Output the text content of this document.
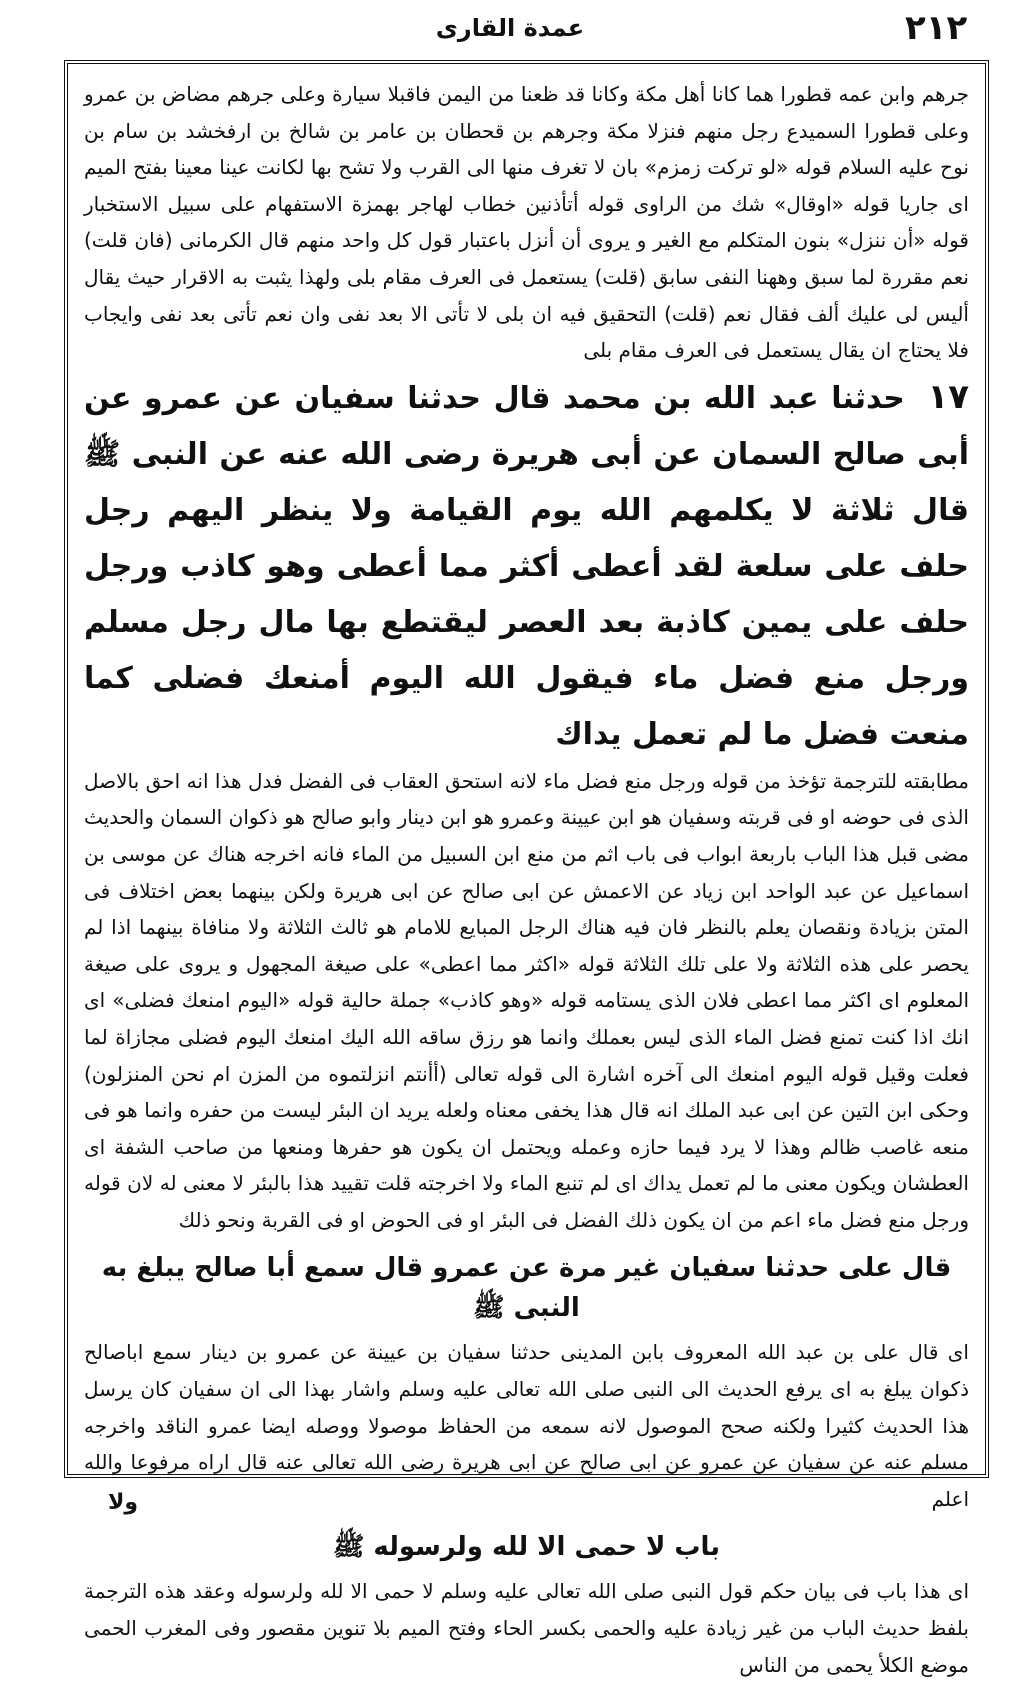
٢١٢
عمدة القاری

جرهم وابن عمه قطورا هما كانا أهل مكة وكانا قد ظعنا من اليمن فاقبلا سيارة وعلى جرهم مضاض بن عمرو وعلى قطورا السميدع رجل منهم فنزلا مكة وجرهم بن قحطان بن عامر بن شالخ بن ارفخشد بن سام بن نوح عليه السلام قوله «لو تركت زمزم» بان لا تغرف منها الى القرب ولا تشح بها لكانت عينا معينا بفتح الميم اى جاريا قوله «اوقال» شك من الراوى قوله أتأذنين خطاب لهاجر بهمزة الاستفهام على سبيل الاستخبار قوله «أن ننزل» بنون المتكلم مع الغير و يروى أن أنزل باعتبار قول كل واحد منهم قال الكرمانى (فان قلت) نعم مقررة لما سبق وههنا النفى سابق (قلت) يستعمل فى العرف مقام بلى ولهذا يثبت به الاقرار حيث يقال أليس لى عليك ألف فقال نعم (قلت) التحقيق فيه ان بلى لا تأتى الا بعد نفى وان نعم تأتى بعد نفى وايجاب فلا يحتاج ان يقال يستعمل فى العرف مقام بلى

١٧ حدثنا عبد الله بن محمد قال حدثنا سفيان عن عمرو عن أبى صالح السمان عن أبى هريرة رضى الله عنه عن النبى ﷺ قال ثلاثة لا يكلمهم الله يوم القيامة ولا ينظر اليهم رجل حلف على سلعة لقد أعطى أكثر مما أعطى وهو كاذب ورجل حلف على يمين كاذبة بعد العصر ليقتطع بها مال رجل مسلم ورجل منع فضل ماء فيقول الله اليوم أمنعك فضلى كما منعت فضل ما لم تعمل يداك

مطابقته للترجمة تؤخذ من قوله ورجل منع فضل ماء لانه استحق العقاب فى الفضل فدل هذا انه احق بالاصل الذى فى حوضه او فى قربته وسفيان هو ابن عيينة وعمرو هو ابن دينار وابو صالح هو ذكوان السمان والحديث مضى قبل هذا الباب باربعة ابواب فى باب اثم من منع ابن السبيل من الماء فانه اخرجه هناك عن موسى بن اسماعيل عن عبد الواحد ابن زياد عن الاعمش عن ابى صالح عن ابى هريرة ولكن بينهما بعض اختلاف فى المتن بزيادة ونقصان يعلم بالنظر فان فيه هناك الرجل المبايع للامام هو ثالث الثلاثة ولا منافاة بينهما اذا لم يحصر على هذه الثلاثة ولا على تلك الثلاثة قوله «اكثر مما اعطى» على صيغة المجهول و يروى على صيغة المعلوم اى اكثر مما اعطى فلان الذى يستامه قوله «وهو كاذب» جملة حالية قوله «اليوم امنعك فضلى» اى انك اذا كنت تمنع فضل الماء الذى ليس بعملك وانما هو رزق ساقه الله اليك امنعك اليوم فضلى مجازاة لما فعلت وقيل قوله اليوم امنعك الى آخره اشارة الى قوله تعالى (أأنتم انزلتموه من المزن ام نحن المنزلون) وحكى ابن التين عن ابى عبد الملك انه قال هذا يخفى معناه ولعله يريد ان البئر ليست من حفره وانما هو فى منعه غاصب ظالم وهذا لا يرد فيما حازه وعمله ويحتمل ان يكون هو حفرها ومنعها من صاحب الشفة اى العطشان ويكون معنى ما لم تعمل يداك اى لم تنبع الماء ولا اخرجته قلت تقييد هذا بالبئر لا معنى له لان قوله ورجل منع فضل ماء اعم من ان يكون ذلك الفضل فى البئر او فى الحوض او فى القربة ونحو ذلك

قال على حدثنا سفيان غير مرة عن عمرو قال سمع أبا صالح يبلغ به النبى ﷺ

اى قال على بن عبد الله المعروف بابن المدينى حدثنا سفيان بن عيينة عن عمرو بن دينار سمع اباصالح ذكوان يبلغ به اى يرفع الحديث الى النبى صلى الله تعالى عليه وسلم واشار بهذا الى ان سفيان كان يرسل هذا الحديث كثيرا ولكنه صحح الموصول لانه سمعه من الحفاظ موصولا ووصله ايضا عمرو الناقد واخرجه مسلم عنه عن سفيان عن عمرو عن ابى صالح عن ابى هريرة رضى الله تعالى عنه قال اراه مرفوعا والله اعلم

باب لا حمى الا لله ولرسوله ﷺ

اى هذا باب فى بيان حكم قول النبى صلى الله تعالى عليه وسلم لا حمى الا لله ولرسوله وعقد هذه الترجمة بلفظ حديث الباب من غير زيادة عليه والحمى بكسر الحاء وفتح الميم بلا تنوين مقصور وفى المغرب الحمى موضع الكلأ يحمى من الناس

ولا
